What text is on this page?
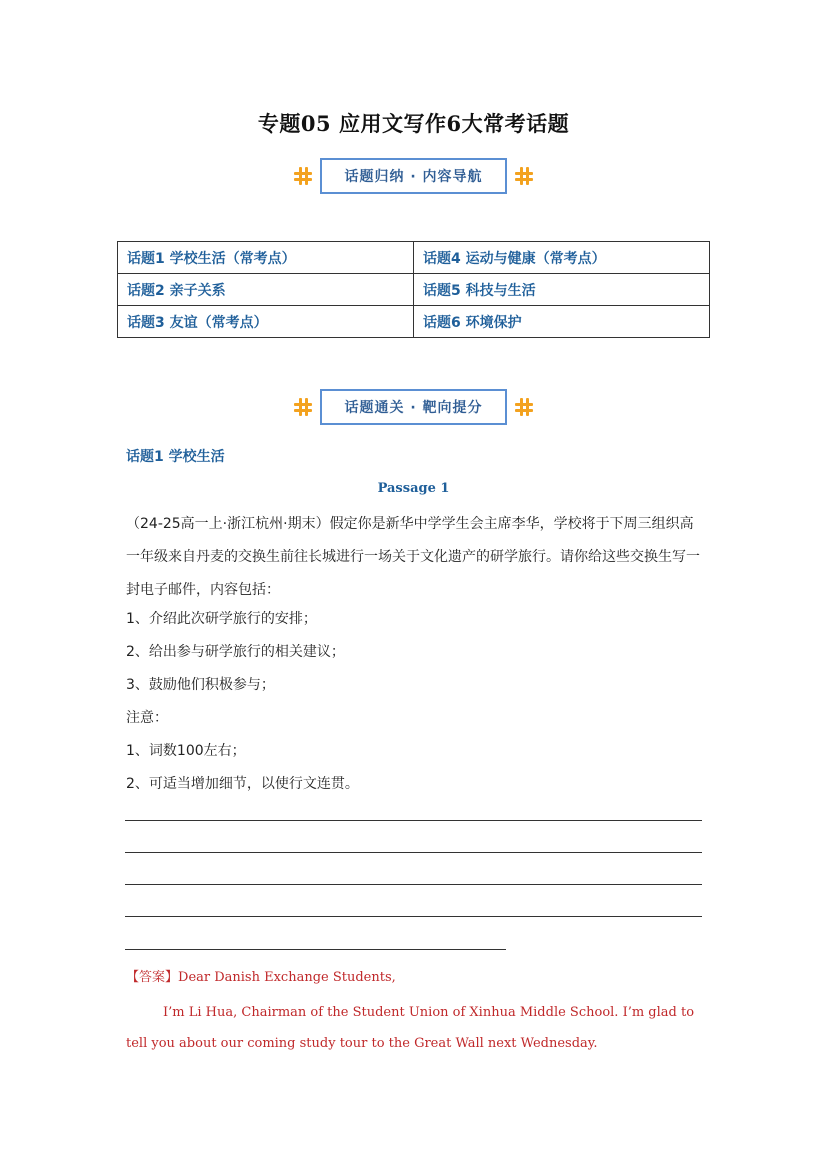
专题05 应用文写作6大常考话题
话题归纳 · 内容导航
话题1 学校生活（常考点）	话题4 运动与健康（常考点）
话题2 亲子关系	话题5 科技与生活
话题3 友谊（常考点）	话题6 环境保护
话题通关 · 靶向提分
话题1 学校生活
Passage 1
（24-25高一上·浙江杭州·期末）假定你是新华中学学生会主席李华，学校将于下周三组织高一年级来自丹麦的交换生前往长城进行一场关于文化遗产的研学旅行。请你给这些交换生写一封电子邮件，内容包括：
1、介绍此次研学旅行的安排；
2、给出参与研学旅行的相关建议；
3、鼓励他们积极参与；
注意：
1、词数100左右；
2、可适当增加细节，以使行文连贯。
【答案】Dear Danish Exchange Students,
I’m Li Hua, Chairman of the Student Union of Xinhua Middle School. I’m glad to tell you about our coming study tour to the Great Wall next Wednesday.
